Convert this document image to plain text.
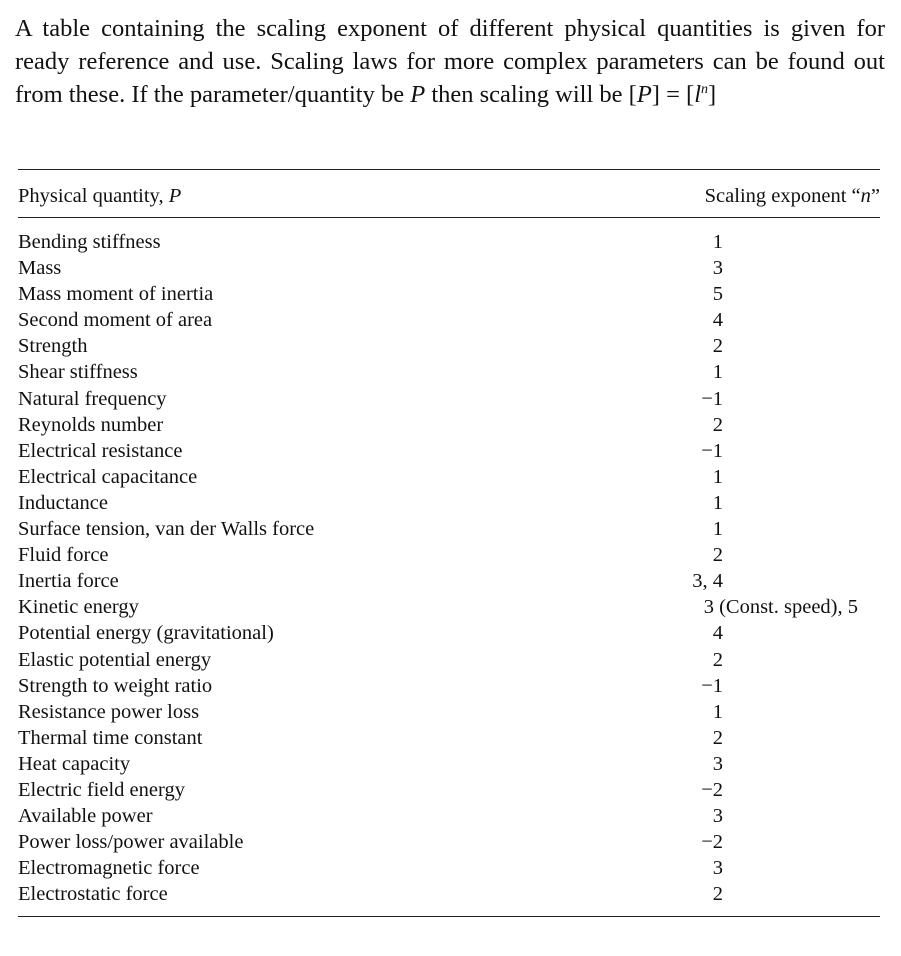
A table containing the scaling exponent of different physical quantities is given for ready reference and use. Scaling laws for more complex parameters can be found out from these. If the parameter/quantity be P then scaling will be $[P] = [l^n]$

Physical quantity, P	Scaling exponent “n”
Bending stiffness	1
Mass	3
Mass moment of inertia	5
Second moment of area	4
Strength	2
Shear stiffness	1
Natural frequency	−1
Reynolds number	2
Electrical resistance	−1
Electrical capacitance	1
Inductance	1
Surface tension, van der Walls force	1
Fluid force	2
Inertia force	3, 4
Kinetic energy	3 (Const. speed), 5
Potential energy (gravitational)	4
Elastic potential energy	2
Strength to weight ratio	−1
Resistance power loss	1
Thermal time constant	2
Heat capacity	3
Electric field energy	−2
Available power	3
Power loss/power available	−2
Electromagnetic force	3
Electrostatic force	2
